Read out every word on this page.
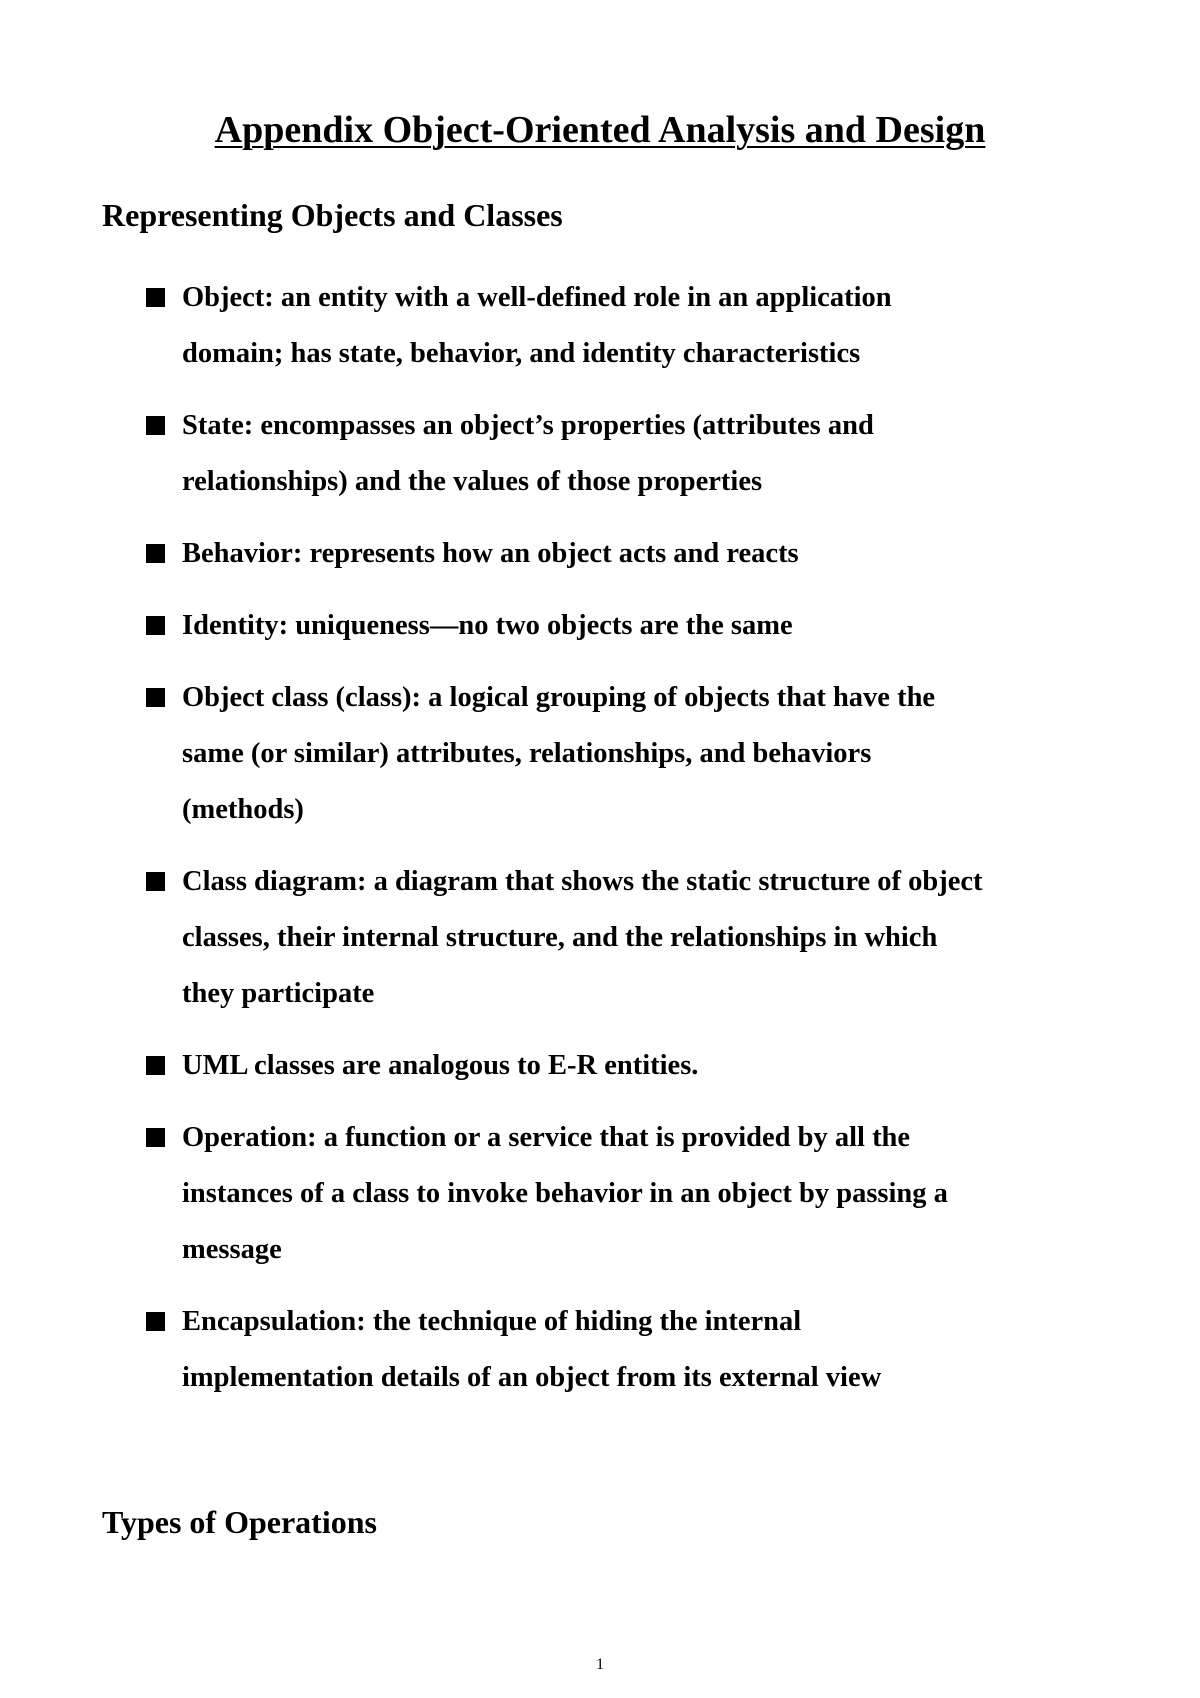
Appendix Object-Oriented Analysis and Design
Representing Objects and Classes
Object: an entity with a well-defined role in an application
domain; has state, behavior, and identity characteristics
State: encompasses an object’s properties (attributes and
relationships) and the values of those properties
Behavior: represents how an object acts and reacts
Identity: uniqueness—no two objects are the same
Object class (class): a logical grouping of objects that have the
same (or similar) attributes, relationships, and behaviors
(methods)
Class diagram: a diagram that shows the static structure of object
classes, their internal structure, and the relationships in which
they participate
UML classes are analogous to E-R entities.
Operation: a function or a service that is provided by all the
instances of a class to invoke behavior in an object by passing a
message
Encapsulation: the technique of hiding the internal
implementation details of an object from its external view
Types of Operations
1
